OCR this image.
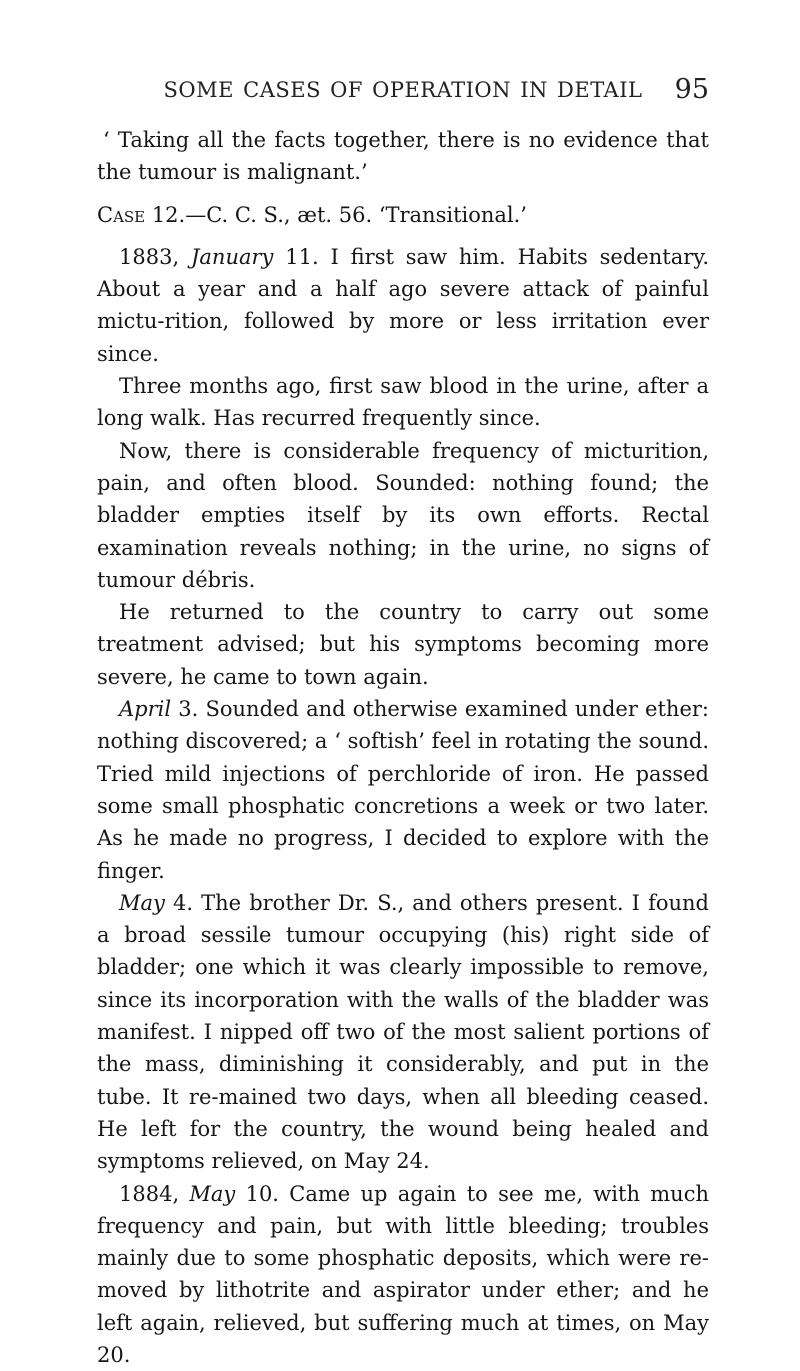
SOME CASES OF OPERATION IN DETAIL	95

‘ Taking all the facts together, there is no evidence that the tumour is malignant.’

Case 12.—C. C. S., æt. 56. ‘Transitional.’

1883, January 11. I first saw him. Habits sedentary. About a year and a half ago severe attack of painful mictu-rition, followed by more or less irritation ever since.

Three months ago, first saw blood in the urine, after a long walk. Has recurred frequently since.

Now, there is considerable frequency of micturition, pain, and often blood. Sounded: nothing found; the bladder empties itself by its own efforts. Rectal examination reveals nothing; in the urine, no signs of tumour débris.

He returned to the country to carry out some treatment advised; but his symptoms becoming more severe, he came to town again.

April 3. Sounded and otherwise examined under ether: nothing discovered; a ‘ softish’ feel in rotating the sound. Tried mild injections of perchloride of iron. He passed some small phosphatic concretions a week or two later. As he made no progress, I decided to explore with the finger.

May 4. The brother Dr. S., and others present. I found a broad sessile tumour occupying (his) right side of bladder; one which it was clearly impossible to remove, since its incorporation with the walls of the bladder was manifest. I nipped off two of the most salient portions of the mass, diminishing it considerably, and put in the tube. It re-mained two days, when all bleeding ceased. He left for the country, the wound being healed and symptoms relieved, on May 24.

1884, May 10. Came up again to see me, with much frequency and pain, but with little bleeding; troubles mainly due to some phosphatic deposits, which were re-moved by lithotrite and aspirator under ether; and he left again, relieved, but suffering much at times, on May 20.
